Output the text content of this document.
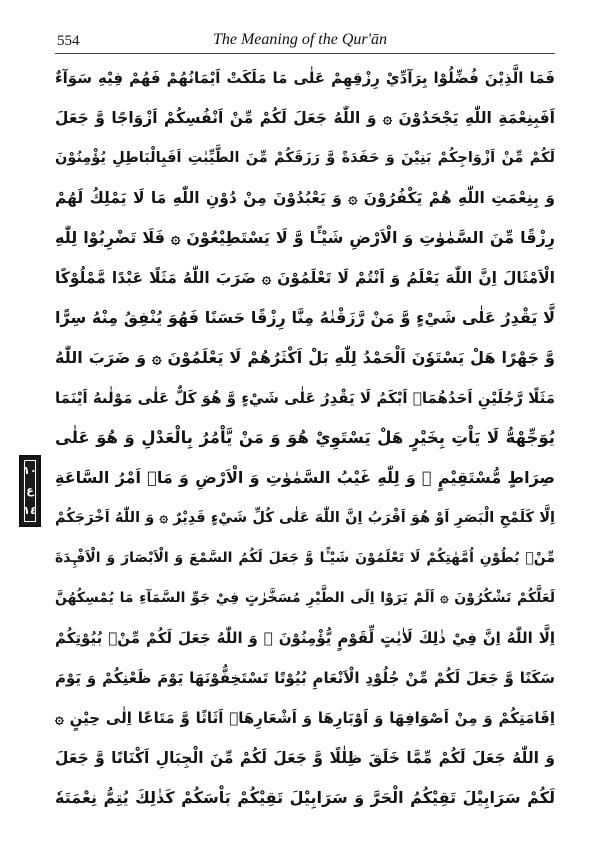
554	The Meaning of the Qur'ān
١٠
ع
١٤
فَمَا الَّذِيْنَ فُضِّلُوْا بِرَآدِّيْ رِزْقِهِمْ عَلٰى مَا مَلَكَتْ اَيْمَانُهُمْ فَهُمْ فِيْهِ سَوَآءٌ
اَفَبِنِعْمَةِ اللّٰهِ يَجْحَدُوْنَ ۞ وَ اللّٰهُ جَعَلَ لَكُمْ مِّنْ اَنْفُسِكُمْ اَزْوَاجًا وَّ جَعَلَ
لَكُمْ مِّنْ اَزْوَاجِكُمْ بَنِيْنَ وَ حَفَدَةً وَّ رَزَقَكُمْ مِّنَ الطَّيِّبٰتِ اَفَبِالْبَاطِلِ يُؤْمِنُوْنَ
وَ بِنِعْمَتِ اللّٰهِ هُمْ يَكْفُرُوْنَ ۞ وَ يَعْبُدُوْنَ مِنْ دُوْنِ اللّٰهِ مَا لَا يَمْلِكُ لَهُمْ
رِزْقًا مِّنَ السَّمٰوٰتِ وَ الْاَرْضِ شَيْـًٔا وَّ لَا يَسْتَطِيْعُوْنَ ۞ فَلَا تَضْرِبُوْا لِلّٰهِ
الْاَمْثَالَ اِنَّ اللّٰهَ يَعْلَمُ وَ اَنْتُمْ لَا تَعْلَمُوْنَ ۞ ضَرَبَ اللّٰهُ مَثَلًا عَبْدًا مَّمْلُوْكًا
لَّا يَقْدِرُ عَلٰى شَيْءٍ وَّ مَنْ رَّزَقْنٰهُ مِنَّا رِزْقًا حَسَنًا فَهُوَ يُنْفِقُ مِنْهُ سِرًّا
وَّ جَهْرًا هَلْ يَسْتَوٗنَ اَلْحَمْدُ لِلّٰهِ بَلْ اَكْثَرُهُمْ لَا يَعْلَمُوْنَ ۞ وَ ضَرَبَ اللّٰهُ
مَثَلًا رَّجُلَيْنِ اَحَدُهُمَاۤ اَبْكَمُ لَا يَقْدِرُ عَلٰى شَيْءٍ وَّ هُوَ كَلٌّ عَلٰى مَوْلٰىهُ اَيْنَمَا
يُوَجِّهْهُّ لَا يَاْتِ بِخَيْرٍ هَلْ يَسْتَوِيْ هُوَ وَ مَنْ يَّاْمُرُ بِالْعَدْلِ وَ هُوَ عَلٰى
صِرَاطٍ مُّسْتَقِيْمٍ ۞ وَ لِلّٰهِ غَيْبُ السَّمٰوٰتِ وَ الْاَرْضِ وَ مَاۤ اَمْرُ السَّاعَةِ
اِلَّا كَلَمْحِ الْبَصَرِ اَوْ هُوَ اَقْرَبُ اِنَّ اللّٰهَ عَلٰى كُلِّ شَيْءٍ قَدِيْرٌ ۞ وَ اللّٰهُ اَخْرَجَكُمْ
مِّنْۢ بُطُوْنِ اُمَّهٰتِكُمْ لَا تَعْلَمُوْنَ شَيْـًٔا وَّ جَعَلَ لَكُمُ السَّمْعَ وَ الْاَبْصَارَ وَ الْاَفْـِٕدَةَ
لَعَلَّكُمْ تَشْكُرُوْنَ ۞ اَلَمْ يَرَوْا اِلَى الطَّيْرِ مُسَخَّرٰتٍ فِيْ جَوِّ السَّمَآءِ مَا يُمْسِكُهُنَّ
اِلَّا اللّٰهُ اِنَّ فِيْ ذٰلِكَ لَاٰيٰتٍ لِّقَوْمٍ يُّؤْمِنُوْنَ ۞ وَ اللّٰهُ جَعَلَ لَكُمْ مِّنْۢ بُيُوْتِكُمْ
سَكَنًا وَّ جَعَلَ لَكُمْ مِّنْ جُلُوْدِ الْاَنْعَامِ بُيُوْتًا تَسْتَخِفُّوْنَهَا يَوْمَ ظَعْنِكُمْ وَ يَوْمَ
اِقَامَتِكُمْ وَ مِنْ اَصْوَافِهَا وَ اَوْبَارِهَا وَ اَشْعَارِهَاۤ اَثَاثًا وَّ مَتَاعًا اِلٰى حِيْنٍ ۞
وَ اللّٰهُ جَعَلَ لَكُمْ مِّمَّا خَلَقَ ظِلٰلًا وَّ جَعَلَ لَكُمْ مِّنَ الْجِبَالِ اَكْنَانًا وَّ جَعَلَ
لَكُمْ سَرَابِيْلَ تَقِيْكُمُ الْحَرَّ وَ سَرَابِيْلَ تَقِيْكُمْ بَاْسَكُمْ كَذٰلِكَ يُتِمُّ نِعْمَتَهٗ
